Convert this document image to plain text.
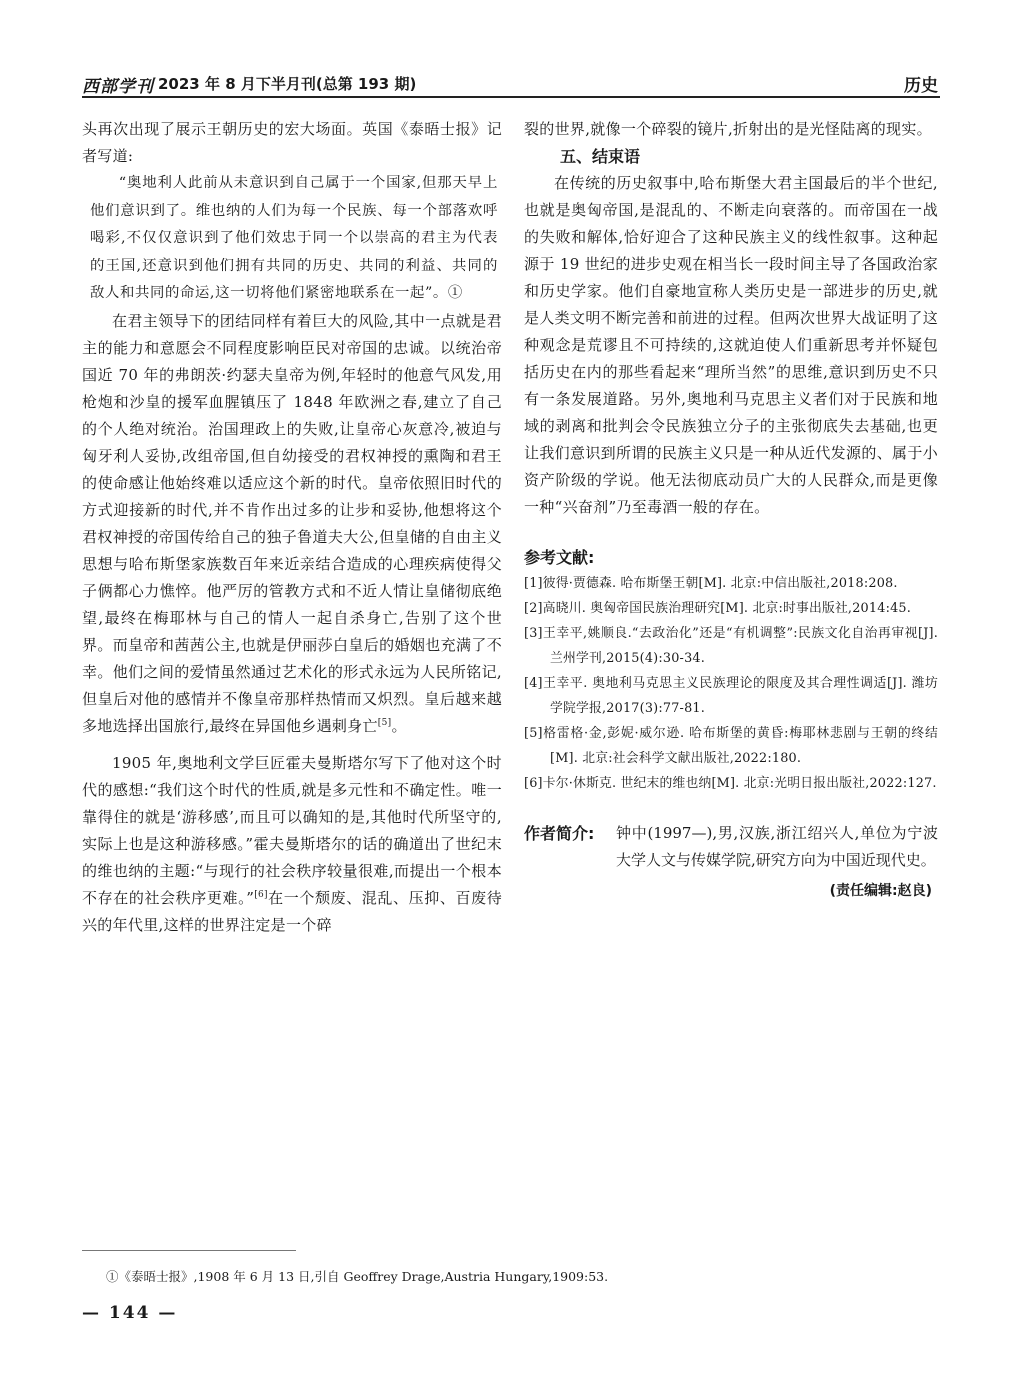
西部学刊 2023 年 8 月下半月刊(总第 193 期)	历史

头再次出现了展示王朝历史的宏大场面。英国《泰晤士报》记者写道:

“奥地利人此前从未意识到自己属于一个国家,但那天早上他们意识到了。维也纳的人们为每一个民族、每一个部落欢呼喝彩,不仅仅意识到了他们效忠于同一个以崇高的君主为代表的王国,还意识到他们拥有共同的历史、共同的利益、共同的敌人和共同的命运,这一切将他们紧密地联系在一起”。①

在君主领导下的团结同样有着巨大的风险,其中一点就是君主的能力和意愿会不同程度影响臣民对帝国的忠诚。以统治帝国近 70 年的弗朗茨·约瑟夫皇帝为例,年轻时的他意气风发,用枪炮和沙皇的援军血腥镇压了 1848 年欧洲之春,建立了自己的个人绝对统治。治国理政上的失败,让皇帝心灰意冷,被迫与匈牙利人妥协,改组帝国,但自幼接受的君权神授的熏陶和君王的使命感让他始终难以适应这个新的时代。皇帝依照旧时代的方式迎接新的时代,并不肯作出过多的让步和妥协,他想将这个君权神授的帝国传给自己的独子鲁道夫大公,但皇储的自由主义思想与哈布斯堡家族数百年来近亲结合造成的心理疾病使得父子俩都心力憔悴。他严厉的管教方式和不近人情让皇储彻底绝望,最终在梅耶林与自己的情人一起自杀身亡,告别了这个世界。而皇帝和茜茜公主,也就是伊丽莎白皇后的婚姻也充满了不幸。他们之间的爱情虽然通过艺术化的形式永远为人民所铭记,但皇后对他的感情并不像皇帝那样热情而又炽烈。皇后越来越多地选择出国旅行,最终在异国他乡遇刺身亡[5]。

1905 年,奥地利文学巨匠霍夫曼斯塔尔写下了他对这个时代的感想:“我们这个时代的性质,就是多元性和不确定性。唯一靠得住的就是‘游移感’,而且可以确知的是,其他时代所坚守的,实际上也是这种游移感。”霍夫曼斯塔尔的话的确道出了世纪末的维也纳的主题:“与现行的社会秩序较量很难,而提出一个根本不存在的社会秩序更难。”[6]在一个颓废、混乱、压抑、百废待兴的年代里,这样的世界注定是一个碎

裂的世界,就像一个碎裂的镜片,折射出的是光怪陆离的现实。

五、结束语

在传统的历史叙事中,哈布斯堡大君主国最后的半个世纪,也就是奥匈帝国,是混乱的、不断走向衰落的。而帝国在一战的失败和解体,恰好迎合了这种民族主义的线性叙事。这种起源于 19 世纪的进步史观在相当长一段时间主导了各国政治家和历史学家。他们自豪地宣称人类历史是一部进步的历史,就是人类文明不断完善和前进的过程。但两次世界大战证明了这种观念是荒谬且不可持续的,这就迫使人们重新思考并怀疑包括历史在内的那些看起来“理所当然”的思维,意识到历史不只有一条发展道路。另外,奥地利马克思主义者们对于民族和地域的剥离和批判会令民族独立分子的主张彻底失去基础,也更让我们意识到所谓的民族主义只是一种从近代发源的、属于小资产阶级的学说。他无法彻底动员广大的人民群众,而是更像一种“兴奋剂”乃至毒酒一般的存在。

参考文献:

[1]彼得·贾德森. 哈布斯堡王朝[M]. 北京:中信出版社,2018:208.

[2]高晓川. 奥匈帝国民族治理研究[M]. 北京:时事出版社,2014:45.

[3]王幸平,姚顺良.“去政治化”还是“有机调整”:民族文化自治再审视[J]. 兰州学刊,2015(4):30-34.

[4]王幸平. 奥地利马克思主义民族理论的限度及其合理性调适[J]. 潍坊学院学报,2017(3):77-81.

[5]格雷格·金,彭妮·威尔逊. 哈布斯堡的黄昏:梅耶林悲剧与王朝的终结[M]. 北京:社会科学文献出版社,2022:180.

[6]卡尔·休斯克. 世纪末的维也纳[M]. 北京:光明日报出版社,2022:127.

作者简介: 钟中(1997—),男,汉族,浙江绍兴人,单位为宁波大学人文与传媒学院,研究方向为中国近现代史。

(责任编辑:赵良)

①《泰晤士报》,1908 年 6 月 13 日,引自 Geoffrey Drage,Austria Hungary,1909:53.

— 144 —
